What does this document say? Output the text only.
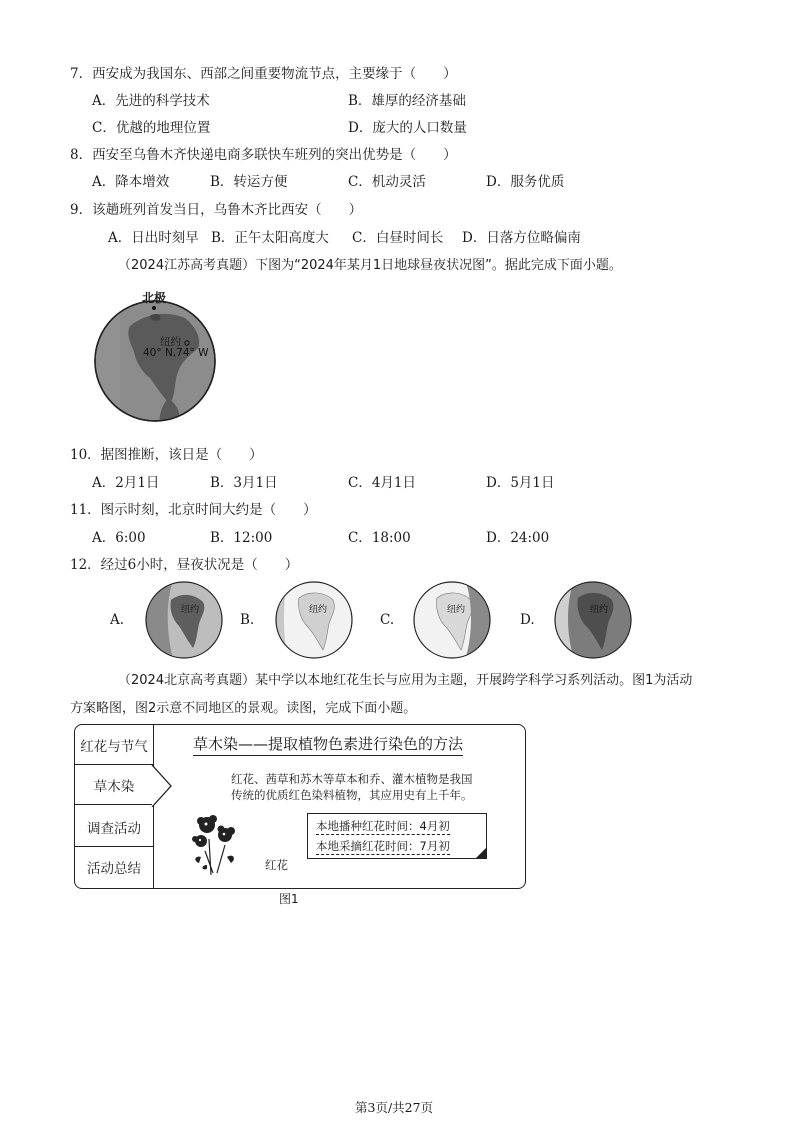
7．西安成为我国东、西部之间重要物流节点，主要缘于（　　）
A．先进的科学技术	B．雄厚的经济基础
C．优越的地理位置	D．庞大的人口数量
8．西安至乌鲁木齐快递电商多联快车班列的突出优势是（　　）
A．降本增效	B．转运方便	C．机动灵活	D．服务优质
9．该趟班列首发当日，乌鲁木齐比西安（　　）
A．日出时刻早 B．正午太阳高度大 C．白昼时间长 D．日落方位略偏南
（2024江苏高考真题）下图为“2024年某月1日地球昼夜状况图”。据此完成下面小题。
北极
纽约
40° N,74° W
10．据图推断，该日是（　　）
A．2月1日	B．3月1日	C．4月1日	D．5月1日
11．图示时刻，北京时间大约是（　　）
A．6:00	B．12:00	C．18:00	D．24:00
12．经过6小时，昼夜状况是（　　）
A.
纽约
B.
纽约
C.
纽约
D.
纽约
（2024北京高考真题）某中学以本地红花生长与应用为主题，开展跨学科学习系列活动。图1为活动
方案略图，图2示意不同地区的景观。读图，完成下面小题。
红花与节气
草木染
调查活动
活动总结
草木染——提取植物色素进行染色的方法
红花、茜草和苏木等草本和乔、灌木植物是我国
传统的优质红色染料植物，其应用史有上千年。
红花
本地播种红花时间：4月初
本地采摘红花时间：7月初
图1
第3页/共27页
